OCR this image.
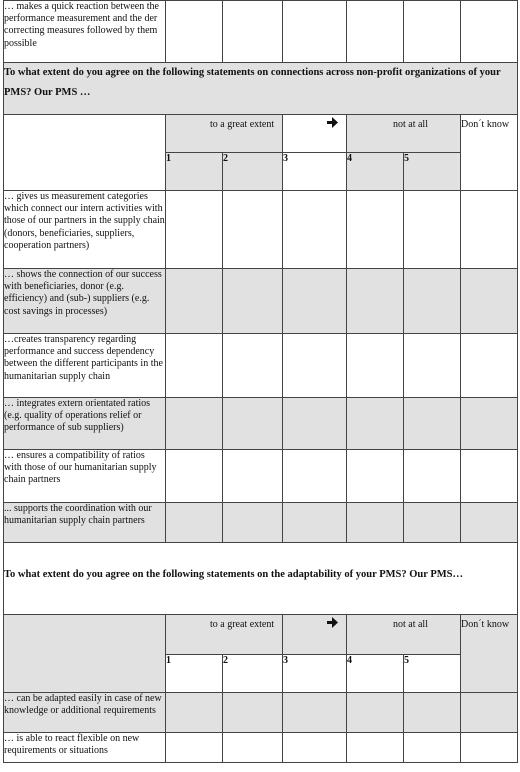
… makes a quick reaction between the performance measurement and the der correcting measures followed by them possible						
To what extent do you agree on the following statements on connections across non-profit organizations of your PMS? Our PMS …						
	to a great extent			not at all		Don´t know
	1	2	3	4	5	
… gives us measurement categories which connect our intern activities with those of our partners in the supply chain (donors, beneficiaries, suppliers, cooperation partners)						
… shows the connection of our success with beneficiaries, donor (e.g. efficiency) and (sub-) suppliers (e.g. cost savings in processes)						
…creates transparency regarding performance and success dependency between the different participants in the humanitarian supply chain						
… integrates extern orientated ratios (e.g. quality of operations relief or performance of sub suppliers)						
… ensures a compatibility of ratios with those of our humanitarian supply chain partners						
... supports the coordination with our humanitarian supply chain partners						

To what extent do you agree on the following statements on the adaptability of your PMS? Our PMS…						
	to a great extent			not at all		Don´t know
	1	2	3	4	5	
… can be adapted easily in case of new knowledge or additional requirements						
… is able to react flexible on new requirements or situations						
